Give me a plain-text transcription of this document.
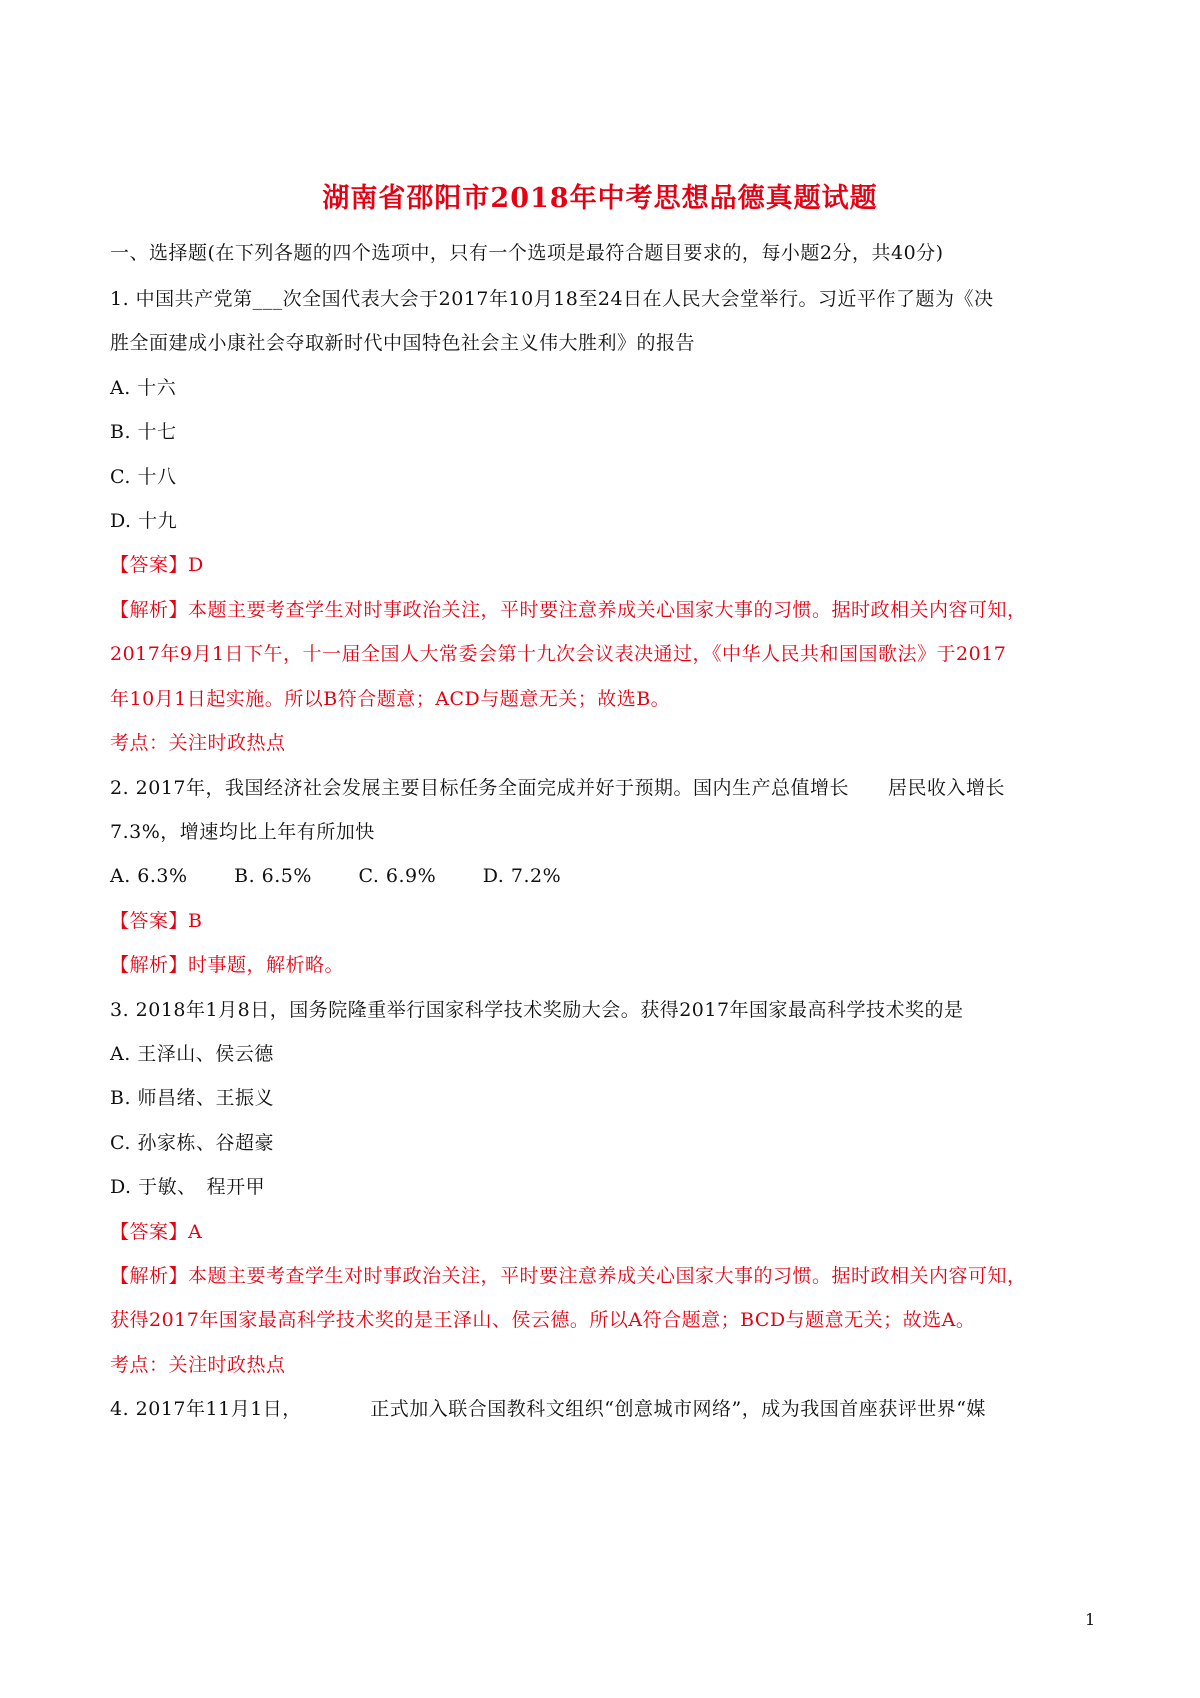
湖南省邵阳市2018年中考思想品德真题试题
一、选择题(在下列各题的四个选项中，只有一个选项是最符合题目要求的，每小题2分，共40分)
1. 中国共产党第___次全国代表大会于2017年10月18至24日在人民大会堂举行。习近平作了题为《决
胜全面建成小康社会夺取新时代中国特色社会主义伟大胜利》的报告
A. 十六
B. 十七
C. 十八
D. 十九
【答案】D
【解析】本题主要考查学生对时事政治关注，平时要注意养成关心国家大事的习惯。据时政相关内容可知，
2017年9月1日下午，十一届全国人大常委会第十九次会议表决通过，《中华人民共和国国歌法》于2017
年10月1日起实施。所以B符合题意；ACD与题意无关；故选B。
考点：关注时政热点
2. 2017年，我国经济社会发展主要目标任务全面完成并好于预期。国内生产总值增长　　居民收入增长
7.3%，增速均比上年有所加快
A. 6.3% B. 6.5% C. 6.9% D. 7.2%
【答案】B
【解析】时事题，解析略。
3. 2018年1月8日，国务院隆重举行国家科学技术奖励大会。获得2017年国家最高科学技术奖的是
A. 王泽山、侯云德
B. 师昌绪、王振义
C. 孙家栋、谷超豪
D. 于敏、　程开甲
【答案】A
【解析】本题主要考查学生对时事政治关注，平时要注意养成关心国家大事的习惯。据时政相关内容可知，
获得2017年国家最高科学技术奖的是王泽山、侯云德。所以A符合题意；BCD与题意无关；故选A。
考点：关注时政热点
4. 2017年11月1日，　　　　正式加入联合国教科文组织“创意城市网络”，成为我国首座获评世界“媒
1
